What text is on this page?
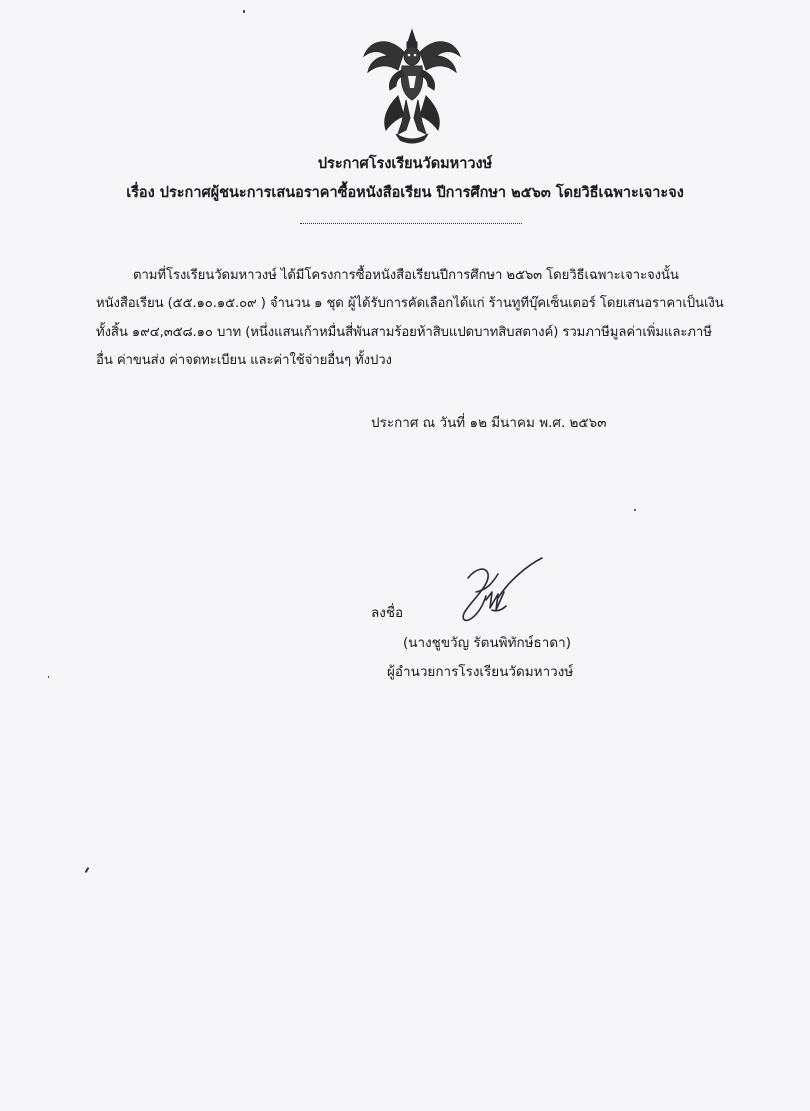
ประกาศโรงเรียนวัดมหาวงษ์
เรื่อง ประกาศผู้ชนะการเสนอราคาซื้อหนังสือเรียน ปีการศึกษา ๒๕๖๓ โดยวิธีเฉพาะเจาะจง
ตามที่โรงเรียนวัดมหาวงษ์ ได้มีโครงการซื้อหนังสือเรียนปีการศึกษา ๒๕๖๓ โดยวิธีเฉพาะเจาะจงนั้น
หนังสือเรียน (๕๕.๑๐.๑๕.๐๙ ) จำนวน ๑ ชุด ผู้ได้รับการคัดเลือกได้แก่ ร้านทูทีบุ๊คเซ็นเตอร์ โดยเสนอราคาเป็นเงิน
ทั้งสิ้น ๑๙๔,๓๕๘.๑๐ บาท (หนึ่งแสนเก้าหมื่นสี่พันสามร้อยห้าสิบแปดบาทสิบสตางค์) รวมภาษีมูลค่าเพิ่มและภาษี
อื่น ค่าขนส่ง ค่าจดทะเบียน และค่าใช้จ่ายอื่นๆ ทั้งปวง
ประกาศ ณ วันที่ ๑๒ มีนาคม พ.ศ. ๒๕๖๓
ลงชื่อ
(นางชูขวัญ รัตนพิทักษ์ธาดา)
ผู้อำนวยการโรงเรียนวัดมหาวงษ์
